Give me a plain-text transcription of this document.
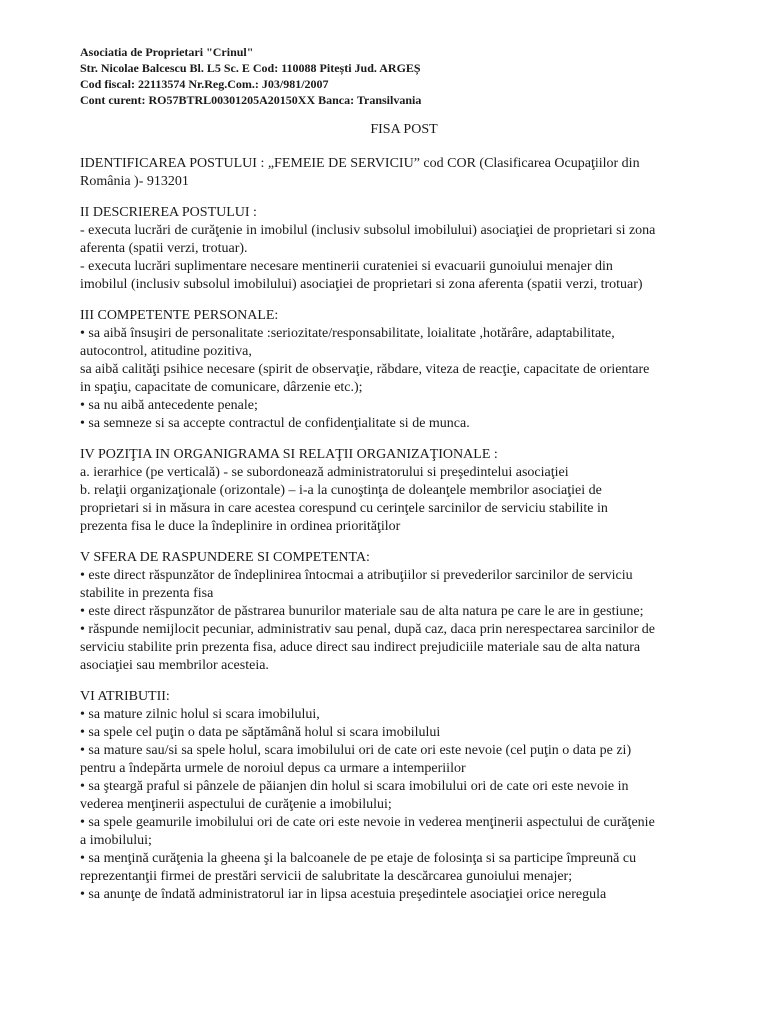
Asociatia de Proprietari "Crinul"
Str. Nicolae Balcescu Bl. L5 Sc. E Cod: 110088 Pitești Jud. ARGEȘ
Cod fiscal: 22113574 Nr.Reg.Com.: J03/981/2007
Cont curent: RO57BTRL00301205A20150XX Banca: Transilvania
FISA POST
IDENTIFICAREA POSTULUI : „FEMEIE DE SERVICIU” cod COR (Clasificarea Ocupaţiilor din
România )- 913201
II DESCRIEREA POSTULUI :
- executa lucrări de curăţenie in imobilul (inclusiv subsolul imobilului) asociaţiei de proprietari si zona
aferenta (spatii verzi, trotuar).
- executa lucrări suplimentare necesare mentinerii curateniei si evacuarii gunoiului menajer din
imobilul (inclusiv subsolul imobilului) asociaţiei de proprietari si zona aferenta (spatii verzi, trotuar)
III COMPETENTE PERSONALE:
• sa aibă însuşiri de personalitate :seriozitate/responsabilitate, loialitate ,hotărâre, adaptabilitate,
autocontrol, atitudine pozitiva,
sa aibă calităţi psihice necesare (spirit de observaţie, răbdare, viteza de reacţie, capacitate de orientare
in spaţiu, capacitate de comunicare, dârzenie etc.);
• sa nu aibă antecedente penale;
• sa semneze si sa accepte contractul de confidenţialitate si de munca.
IV POZIŢIA IN ORGANIGRAMA SI RELAŢII ORGANIZAŢIONALE :
a. ierarhice (pe verticală) - se subordonează administratorului si preşedintelui asociaţiei
b. relaţii organizaţionale (orizontale) – i-a la cunoştinţa de doleanţele membrilor asociaţiei de
proprietari si in măsura in care acestea corespund cu cerinţele sarcinilor de serviciu stabilite in
prezenta fisa le duce la îndeplinire in ordinea priorităţilor
V SFERA DE RASPUNDERE SI COMPETENTA:
• este direct răspunzător de îndeplinirea întocmai a atribuţiilor si prevederilor sarcinilor de serviciu
stabilite in prezenta fisa
• este direct răspunzător de păstrarea bunurilor materiale sau de alta natura pe care le are in gestiune;
• răspunde nemijlocit pecuniar, administrativ sau penal, după caz, daca prin nerespectarea sarcinilor de
serviciu stabilite prin prezenta fisa, aduce direct sau indirect prejudiciile materiale sau de alta natura
asociaţiei sau membrilor acesteia.
VI ATRIBUTII:
• sa mature zilnic holul si scara imobilului,
• sa spele cel puţin o data pe săptămână holul si scara imobilului
• sa mature sau/si sa spele holul, scara imobilului ori de cate ori este nevoie (cel puţin o data pe zi)
pentru a îndepărta urmele de noroiul depus ca urmare a intemperiilor
• sa şteargă praful si pânzele de păianjen din holul si scara imobilului ori de cate ori este nevoie in
vederea menţinerii aspectului de curăţenie a imobilului;
• sa spele geamurile imobilului ori de cate ori este nevoie in vederea menţinerii aspectului de curăţenie
a imobilului;
• sa menţină curăţenia la gheena şi la balcoanele de pe etaje de folosinţa si sa participe împreună cu
reprezentanţii firmei de prestări servicii de salubritate la descărcarea gunoiului menajer;
• sa anunţe de îndată administratorul iar in lipsa acestuia preşedintele asociaţiei orice neregula
